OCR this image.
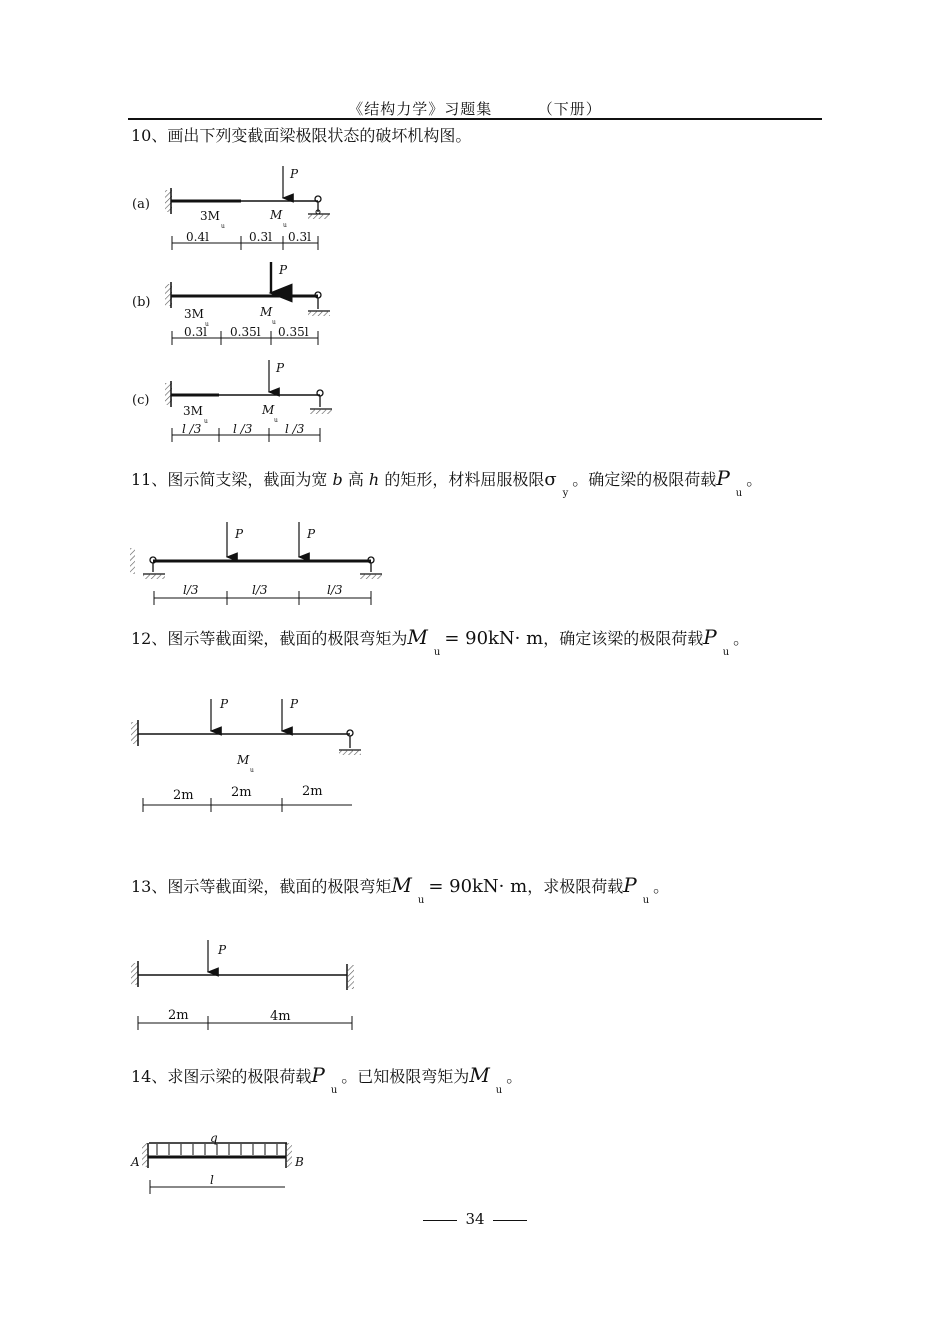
《结构力学》习题集	（下册）
10、画出下列变截面梁极限状态的破坏机构图。
(a)
P
3M
u
M
u
0.4l	0.3l 0.3l
(b)
P
3M
u
M
u
0.3l 0.35l 0.35l
(c)
P
3M
u
M
u
l /3	l /3	l /3
P	P
l/3	l/3	l/3
P	P
M
u
2m	2m	2m
P
2m	4m
q
A	B
l
11、图示简支梁，截面为宽 b 高 h 的矩形，材料屈服极限$\sigma_y$。确定梁的极限荷载$P_u$。
12、图示等截面梁，截面的极限弯矩为$M_u= 90kN\cdot m$，确定该梁的极限荷载$P_u$。
13、图示等截面梁，截面的极限弯矩$M_u= 90kN\cdot m$，求极限荷载$P_u$。
14、求图示梁的极限荷载$P_u$。已知极限弯矩为$M_u$。
34
